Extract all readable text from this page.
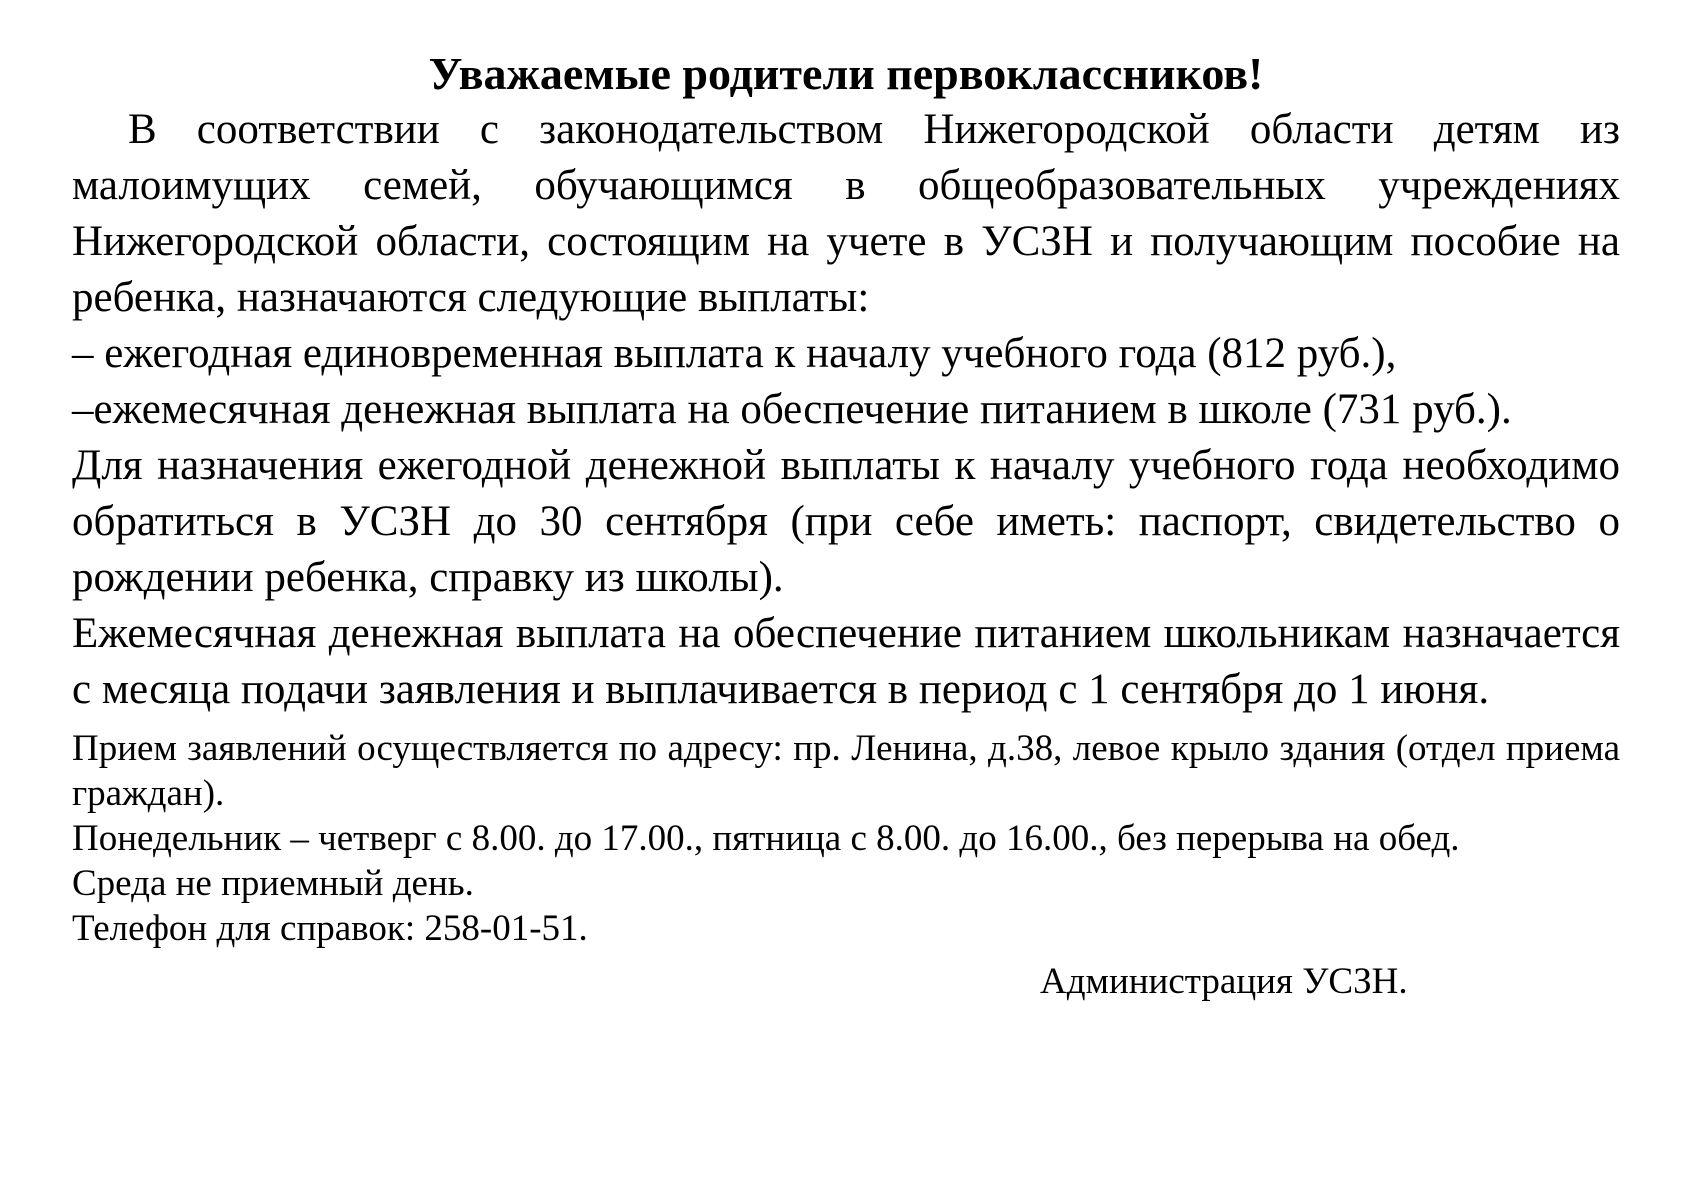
Уважаемые родители первоклассников!

В соответствии с законодательством Нижегородской области детям из малоимущих семей, обучающимся в общеобразовательных учреждениях Нижегородской области, состоящим на учете в УСЗН и получающим пособие на ребенка, назначаются следующие выплаты:

– ежегодная единовременная выплата к началу учебного года (812 руб.),

–ежемесячная денежная выплата на обеспечение питанием в школе (731 руб.).

Для назначения ежегодной денежной выплаты к началу учебного года необходимо обратиться в УСЗН до 30 сентября (при себе иметь: паспорт, свидетельство о рождении ребенка, справку из школы).

Ежемесячная денежная выплата на обеспечение питанием школьникам назначается с месяца подачи заявления и выплачивается в период с 1 сентября до 1 июня.

Прием заявлений осуществляется по адресу: пр. Ленина, д.38, левое крыло здания (отдел приема граждан).

Понедельник – четверг с 8.00. до 17.00., пятница с 8.00. до 16.00., без перерыва на обед.

Среда не приемный день.

Телефон для справок: 258-01-51.

Администрация УСЗН.
